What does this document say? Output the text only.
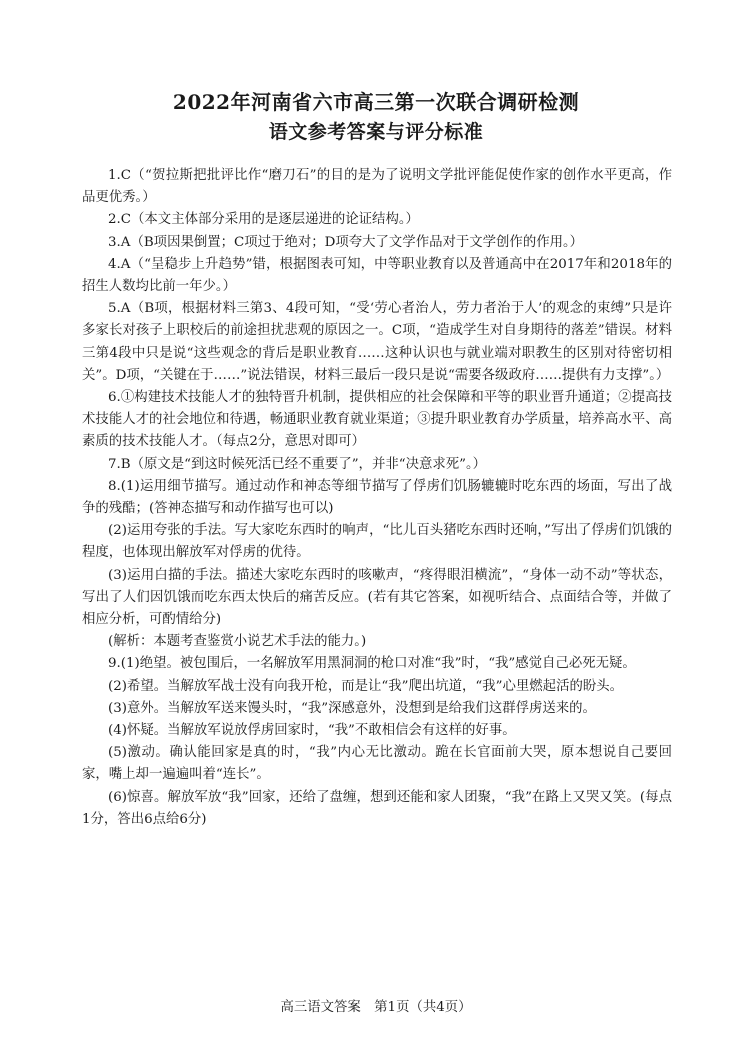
2022年河南省六市高三第一次联合调研检测
语文参考答案与评分标准

1.C（“贺拉斯把批评比作“磨刀石”的目的是为了说明文学批评能促使作家的创作水平更高，作品更优秀。）

2.C（本文主体部分采用的是逐层递进的论证结构。）

3.A（B项因果倒置；C项过于绝对；D项夸大了文学作品对于文学创作的作用。）

4.A（“呈稳步上升趋势”错，根据图表可知，中等职业教育以及普通高中在2017年和2018年的招生人数均比前一年少。）

5.A（B项，根据材料三第3、4段可知，“受‘劳心者治人，劳力者治于人’的观念的束缚”只是许多家长对孩子上职校后的前途担扰悲观的原因之一。C项，“造成学生对自身期待的落差”错误。材料三第4段中只是说“这些观念的背后是职业教育……这种认识也与就业端对职教生的区别对待密切相关”。D项，“关键在于……”说法错误，材料三最后一段只是说“需要各级政府……提供有力支撑”。）

6.①构建技术技能人才的独特晋升机制，提供相应的社会保障和平等的职业晋升通道；②提高技术技能人才的社会地位和待遇，畅通职业教育就业渠道；③提升职业教育办学质量，培养高水平、高素质的技术技能人才。（每点2分，意思对即可）

7.B（原文是“到这时候死活已经不重要了”，并非“决意求死”。）

8.(1)运用细节描写。通过动作和神态等细节描写了俘虏们饥肠辘辘时吃东西的场面，写出了战争的残酷；(答神态描写和动作描写也可以)

(2)运用夸张的手法。写大家吃东西时的响声，“比儿百头猪吃东西时还响，”写出了俘虏们饥饿的程度，也体现出解放军对俘虏的优待。

(3)运用白描的手法。描述大家吃东西时的咳嗽声，“疼得眼泪横流”，“身体一动不动”等状态，写出了人们因饥饿而吃东西太快后的痛苦反应。(若有其它答案，如视听结合、点面结合等，并做了相应分析，可酌情给分)

(解析：本题考查鉴赏小说艺术手法的能力。)

9.(1)绝望。被包围后，一名解放军用黑洞洞的枪口对准“我”时，“我”感觉自己必死无疑。

(2)希望。当解放军战士没有向我开枪，而是让“我”爬出坑道，“我”心里燃起活的盼头。

(3)意外。当解放军送来馒头时，“我”深感意外，没想到是给我们这群俘虏送来的。

(4)怀疑。当解放军说放俘虏回家时，“我”不敢相信会有这样的好事。

(5)激动。确认能回家是真的时，“我”内心无比激动。跪在长官面前大哭，原本想说自己要回家，嘴上却一遍遍叫着“连长”。

(6)惊喜。解放军放“我”回家，还给了盘缠，想到还能和家人团聚，“我”在路上又哭又笑。(每点1分，答出6点给6分)

高三语文答案　第1页（共4页）
